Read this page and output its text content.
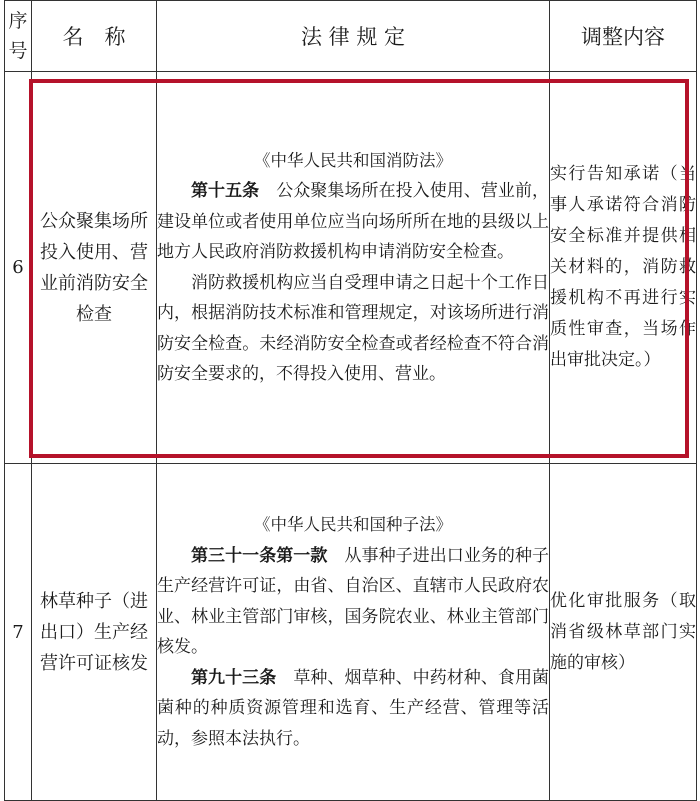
序号	名　称	法 律 规 定	调整内容
6	公众聚集场所投入使用、营业前消防安全检查	《中华人民共和国消防法》

第十五条　 公众聚集场所在投入使用、营业前，建设单位或者使用单位应当向场所所在地的县级以上地方人民政府消防救援机构申请消防安全检查。

消防救援机构应当自受理申请之日起十个工作日内，根据消防技术标准和管理规定，对该场所进行消防安全检查。未经消防安全检查或者经检查不符合消防安全要求的，不得投入使用、营业。	实行告知承诺（当事人承诺符合消防安全标准并提供相关材料的，消防救援机构不再进行实质性审查，当场作出审批决定。）
7	林草种子（进出口）生产经营许可证核发	《中华人民共和国种子法》

第三十一条第一款　 从事种子进出口业务的种子生产经营许可证，由省、自治区、直辖市人民政府农业、林业主管部门审核，国务院农业、林业主管部门核发。

第九十三条　 草种、烟草种、中药材种、食用菌菌种的种质资源管理和选育、生产经营、管理等活动，参照本法执行。	优化审批服务（取消省级林草部门实施的审核）
